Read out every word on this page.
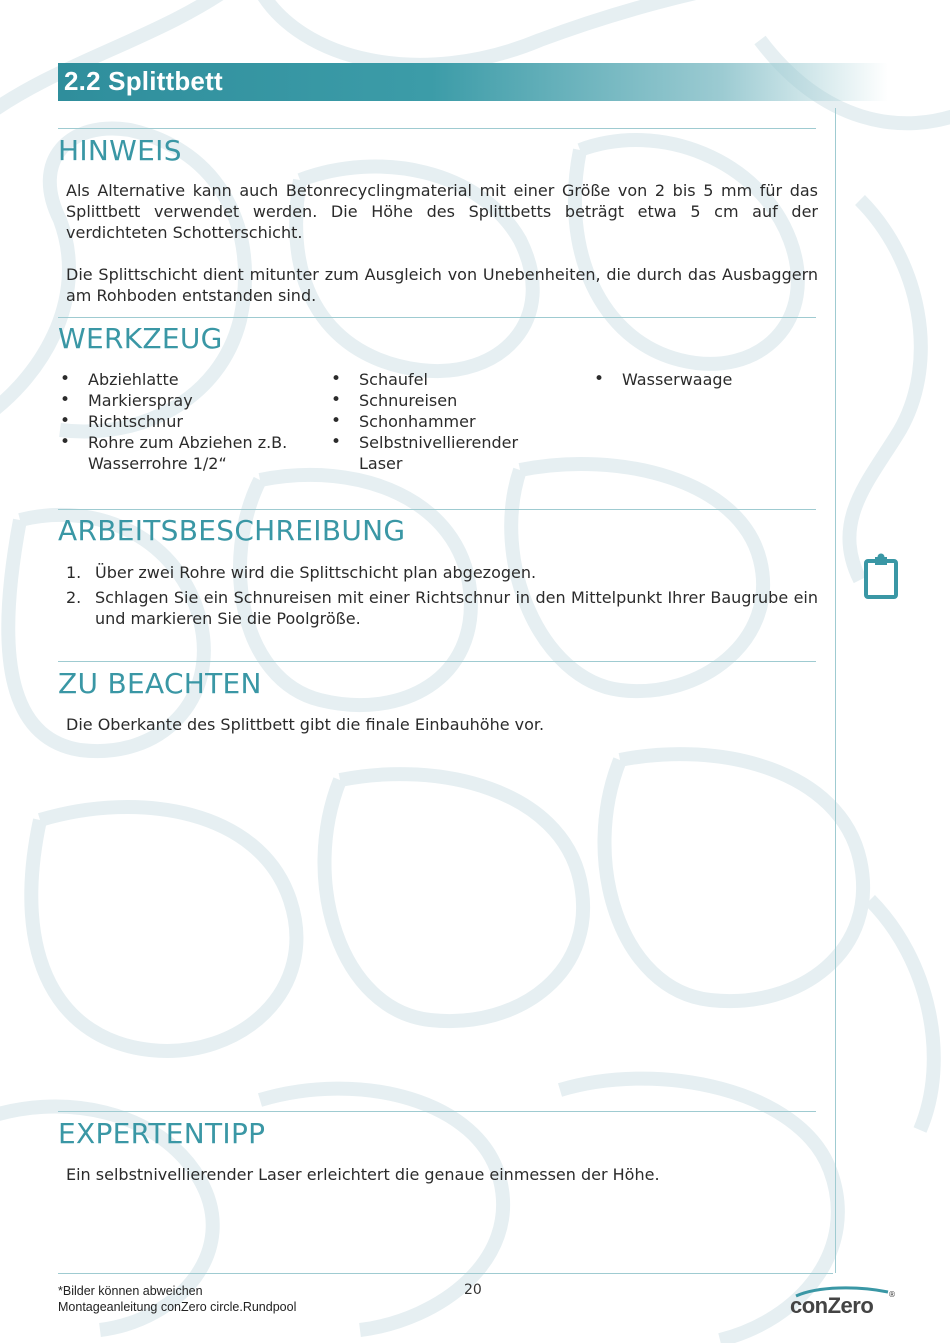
2.2 Splittbett
HINWEIS
Als Alternative kann auch Betonrecyclingmaterial mit einer Größe von 2 bis 5 mm für das Splittbett verwendet werden. Die Höhe des Splittbetts beträgt etwa 5 cm auf der verdichteten Schotterschicht.
Die Splittschicht dient mitunter zum Ausgleich von Unebenheiten, die durch das Ausbaggern am Rohboden entstanden sind.
WERKZEUG
• Abziehlatte
• Markierspray
• Richtschnur
• Rohre zum Abziehen z.B. Wasserrohre 1/2“
• Schaufel
• Schnureisen
• Schonhammer
• Selbstnivellierender Laser
• Wasserwaage
ARBEITSBESCHREIBUNG
1. Über zwei Rohre wird die Splittschicht plan abgezogen.
2. Schlagen Sie ein Schnureisen mit einer Richtschnur in den Mittelpunkt Ihrer Baugrube ein und markieren Sie die Poolgröße.
ZU BEACHTEN
Die Oberkante des Splittbett gibt die finale Einbauhöhe vor.
EXPERTENTIPP
Ein selbstnivellierender Laser erleichtert die genaue einmessen der Höhe.
*Bilder können abweichen
Montageanleitung conZero circle.Rundpool
20
conZero ®
